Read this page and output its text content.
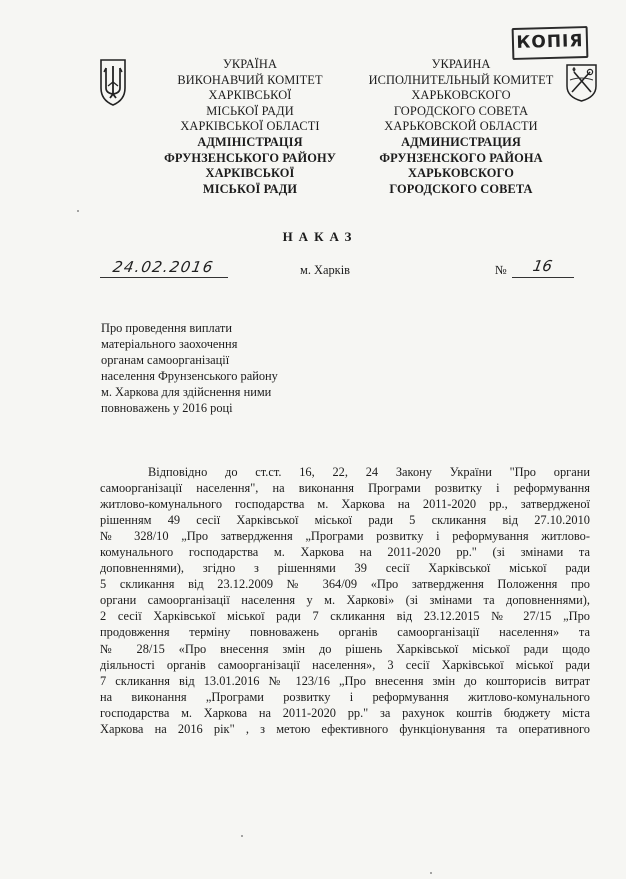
КОПІЯ
УКРАЇНА
ВИКОНАВЧИЙ КОМІТЕТ
ХАРКІВСЬКОЇ
МІСЬКОЇ РАДИ
ХАРКІВСЬКОЇ ОБЛАСТІ
АДМІНІСТРАЦІЯ
ФРУНЗЕНСЬКОГО РАЙОНУ
ХАРКІВСЬКОЇ
МІСЬКОЇ РАДИ
УКРАИНА
ИСПОЛНИТЕЛЬНЫЙ КОМИТЕТ
ХАРЬКОВСКОГО
ГОРОДСКОГО СОВЕТА
ХАРЬКОВСКОЙ ОБЛАСТИ
АДМИНИСТРАЦИЯ
ФРУНЗЕНСКОГО РАЙОНА
ХАРЬКОВСКОГО
ГОРОДСКОГО СОВЕТА
НАКАЗ
24.02.2016	м. Харків	№ 16
Про проведення виплати
матеріального заохочення
органам самоорганізації
населення Фрунзенського району
м. Харкова для здійснення ними
повноважень у 2016 році
Відповідно до ст.ст. 16, 22, 24 Закону України "Про органи
самоорганізації населення", на виконання Програми розвитку і реформування
житлово-комунального господарства м. Харкова на 2011-2020 рр., затвердженої
рішенням 49 сесії Харківської міської ради 5 скликання від 27.10.2010
№ 328/10 „Про затвердження „Програми розвитку і реформування житлово-
комунального господарства м. Харкова на 2011-2020 рр." (зі змінами та
доповненнями), згідно з рішеннями 39 сесії Харківської міської ради
5 скликання від 23.12.2009 № 364/09 «Про затвердження Положення про
органи самоорганізації населення у м. Харкові» (зі змінами та доповненнями),
2 сесії Харківської міської ради 7 скликання від 23.12.2015 № 27/15 „Про
продовження терміну повноважень органів самоорганізації населення» та
№ 28/15 «Про внесення змін до рішень Харківської міської ради щодо
діяльності органів самоорганізації населення», 3 сесії Харківської міської ради
7 скликання від 13.01.2016 № 123/16 „Про внесення змін до кошторисів витрат
на виконання „Програми розвитку і реформування житлово-комунального
господарства м. Харкова на 2011-2020 рр." за рахунок коштів бюджету міста
Харкова на 2016 рік" , з метою ефективного функціонування та оперативного
